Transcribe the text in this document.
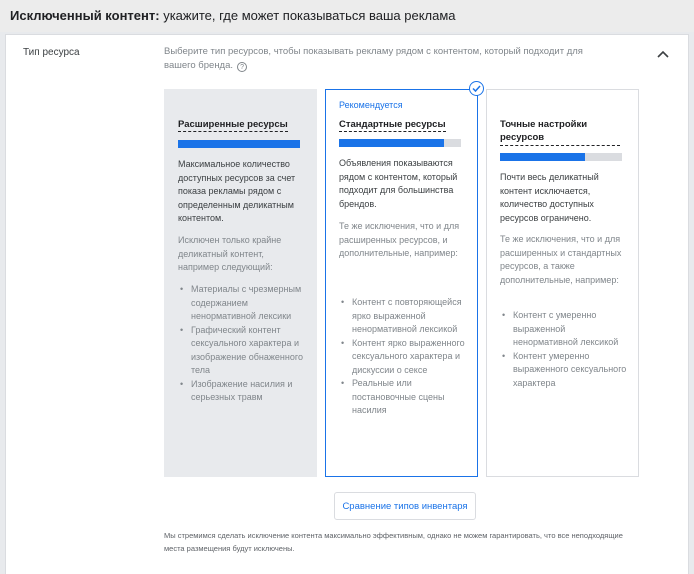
Исключенный контент: укажите, где может показываться ваша реклама
Тип ресурса	Выберите тип ресурсов, чтобы показывать рекламу рядом с контентом, который подходит для вашего бренда. ?
Расширенные ресурсы
Максимальное количество доступных ресурсов за счет показа рекламы рядом с определенным деликатным контентом.
Исключен только крайне деликатный контент, например следующий:
• Материалы с чрезмерным содержанием ненормативной лексики
• Графический контент сексуального характера и изображение обнаженного тела
• Изображение насилия и серьезных травм
Рекомендуется
Стандартные ресурсы
Объявления показываются рядом с контентом, который подходит для большинства брендов.
Те же исключения, что и для расширенных ресурсов, и дополнительные, например:
• Контент с повторяющейся ярко выраженной ненормативной лексикой
• Контент ярко выраженного сексуального характера и дискуссии о сексе
• Реальные или постановочные сцены насилия
Точные настройки ресурсов
Почти весь деликатный контент исключается, количество доступных ресурсов ограничено.
Те же исключения, что и для расширенных и стандартных ресурсов, а также дополнительные, например:
• Контент с умеренно выраженной ненормативной лексикой
• Контент умеренно выраженного сексуального характера
Сравнение типов инвентаря
Мы стремимся сделать исключение контента максимально эффективным, однако не можем гарантировать, что все неподходящие места размещения будут исключены.
